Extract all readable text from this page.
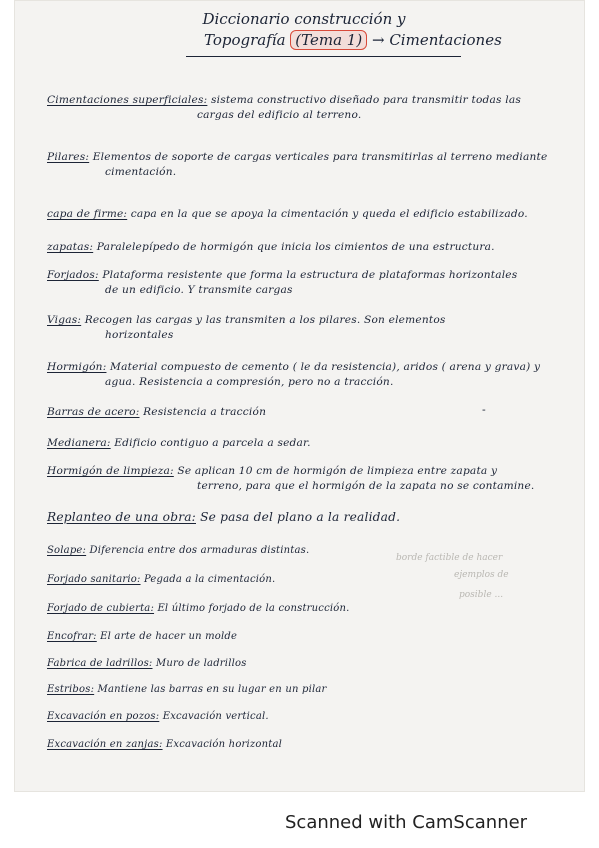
Diccionario construcción y
Topografía (Tema 1) → Cimentaciones
Cimentaciones superficiales: sistema constructivo diseñado para transmitir todas las
cargas del edificio al terreno.
Pilares: Elementos de soporte de cargas verticales para transmitirlas al terreno mediante
cimentación.
capa de firme: capa en la que se apoya la cimentación y queda el edificio estabilizado.
zapatas: Paralelepípedo de hormigón que inicia los cimientos de una estructura.
Forjados: Plataforma resistente que forma la estructura de plataformas horizontales
de un edificio. Y transmite cargas
Vigas: Recogen las cargas y las transmiten a los pilares. Son elementos
horizontales
Hormigón: Material compuesto de cemento ( le da resistencia), aridos ( arena y grava) y
agua. Resistencia a compresión, pero no a tracción.
Barras de acero: Resistencia a tracción	-
Medianera: Edificio contiguo a parcela a sedar.
Hormigón de limpieza: Se aplican 10 cm de hormigón de limpieza entre zapata y
terreno, para que el hormigón de la zapata no se contamine.
Replanteo de una obra: Se pasa del plano a la realidad.
Solape: Diferencia entre dos armaduras distintas.
Forjado sanitario: Pegada a la cimentación.
Forjado de cubierta: El último forjado de la construcción.
Encofrar: El arte de hacer un molde
Fabrica de ladrillos: Muro de ladrillos
Estribos: Mantiene las barras en su lugar en un pilar
Excavación en pozos: Excavación vertical.
Excavación en zanjas: Excavación horizontal
borde factible de hacer
ejemplos de
posible ...
Scanned with CamScanner
